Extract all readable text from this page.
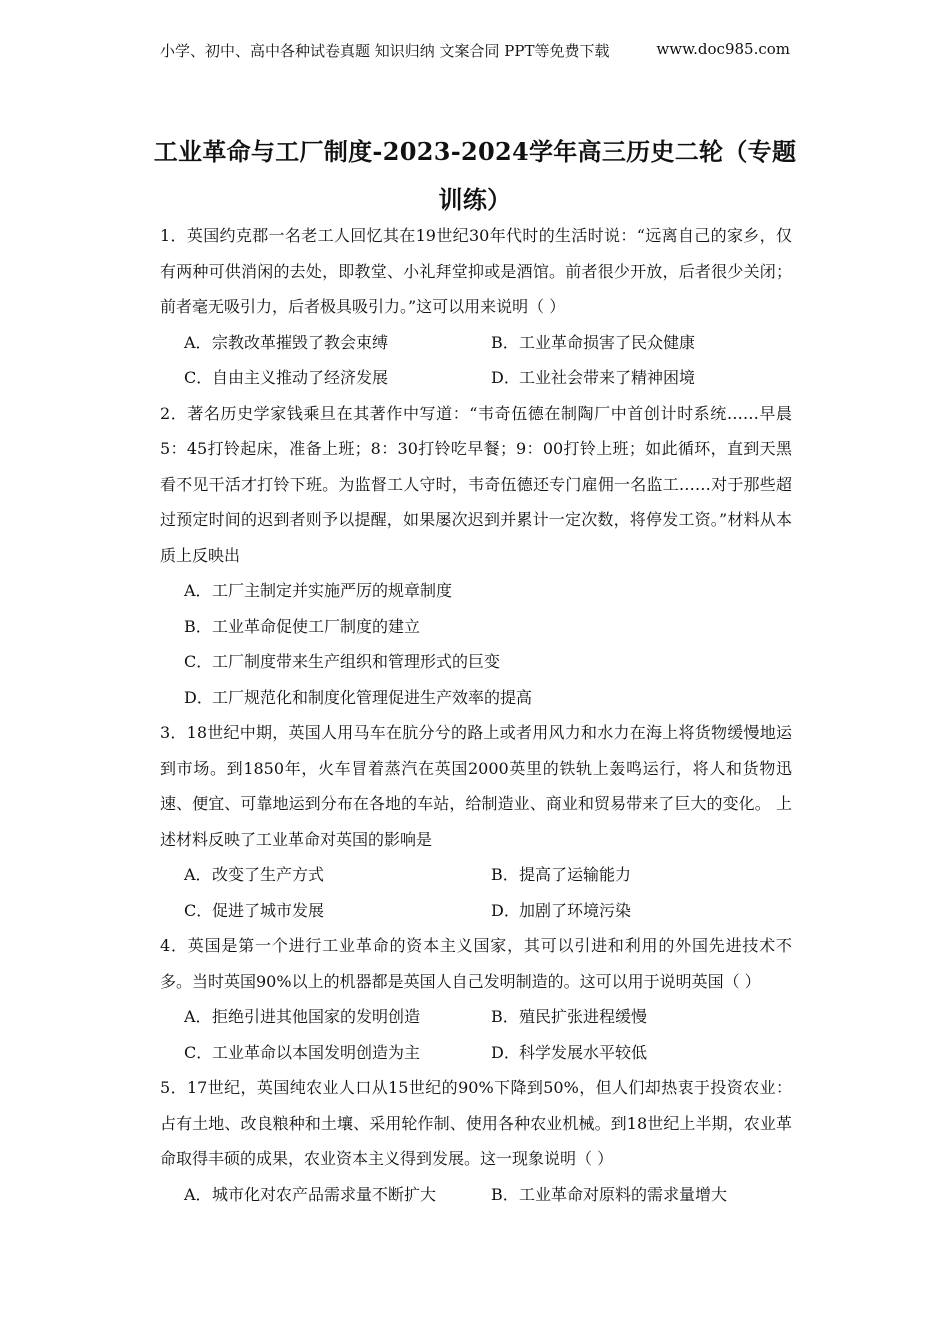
小学、初中、高中各种试卷真题 知识归纳 文案合同 PPT等免费下载	www.doc985.com
工业革命与工厂制度-2023-2024学年高三历史二轮（专题训练）

1．英国约克郡一名老工人回忆其在19世纪30年代时的生活时说：“远离自己的家乡，仅有两种可供消闲的去处，即教堂、小礼拜堂抑或是酒馆。前者很少开放，后者很少关闭；前者毫无吸引力，后者极具吸引力。”这可以用来说明（ ）

A． 宗教改革摧毁了教会束缚	B． 工业革命损害了民众健康
C． 自由主义推动了经济发展	D． 工业社会带来了精神困境

2．著名历史学家钱乘旦在其著作中写道：“韦奇伍德在制陶厂中首创计时系统……早晨5：45打铃起床，准备上班；8：30打铃吃早餐；9：00打铃上班；如此循环，直到天黑看不见干活才打铃下班。为监督工人守时，韦奇伍德还专门雇佣一名监工……对于那些超过预定时间的迟到者则予以提醒，如果屡次迟到并累计一定次数，将停发工资。”材料从本质上反映出

A． 工厂主制定并实施严厉的规章制度
B． 工业革命促使工厂制度的建立
C． 工厂制度带来生产组织和管理形式的巨变
D． 工厂规范化和制度化管理促进生产效率的提高

3．18世纪中期，英国人用马车在肮分兮的路上或者用风力和水力在海上将货物缓慢地运到市场。到1850年，火车冒着蒸汽在英国2000英里的铁轨上轰鸣运行，将人和货物迅速、便宜、可靠地运到分布在各地的车站，给制造业、商业和贸易带来了巨大的变化。 上述材料反映了工业革命对英国的影响是

A． 改变了生产方式	B． 提高了运输能力
C． 促进了城市发展	D． 加剧了环境污染

4．英国是第一个进行工业革命的资本主义国家，其可以引进和利用的外国先进技术不多。当时英国90%以上的机器都是英国人自己发明制造的。这可以用于说明英国（ ）

A． 拒绝引进其他国家的发明创造	B． 殖民扩张进程缓慢
C． 工业革命以本国发明创造为主	D． 科学发展水平较低

5．17世纪，英国纯农业人口从15世纪的90%下降到50%，但人们却热衷于投资农业：占有土地、改良粮种和土壤、采用轮作制、使用各种农业机械。到18世纪上半期，农业革命取得丰硕的成果，农业资本主义得到发展。这一现象说明（ ）

A． 城市化对农产品需求量不断扩大	B． 工业革命对原料的需求量增大
